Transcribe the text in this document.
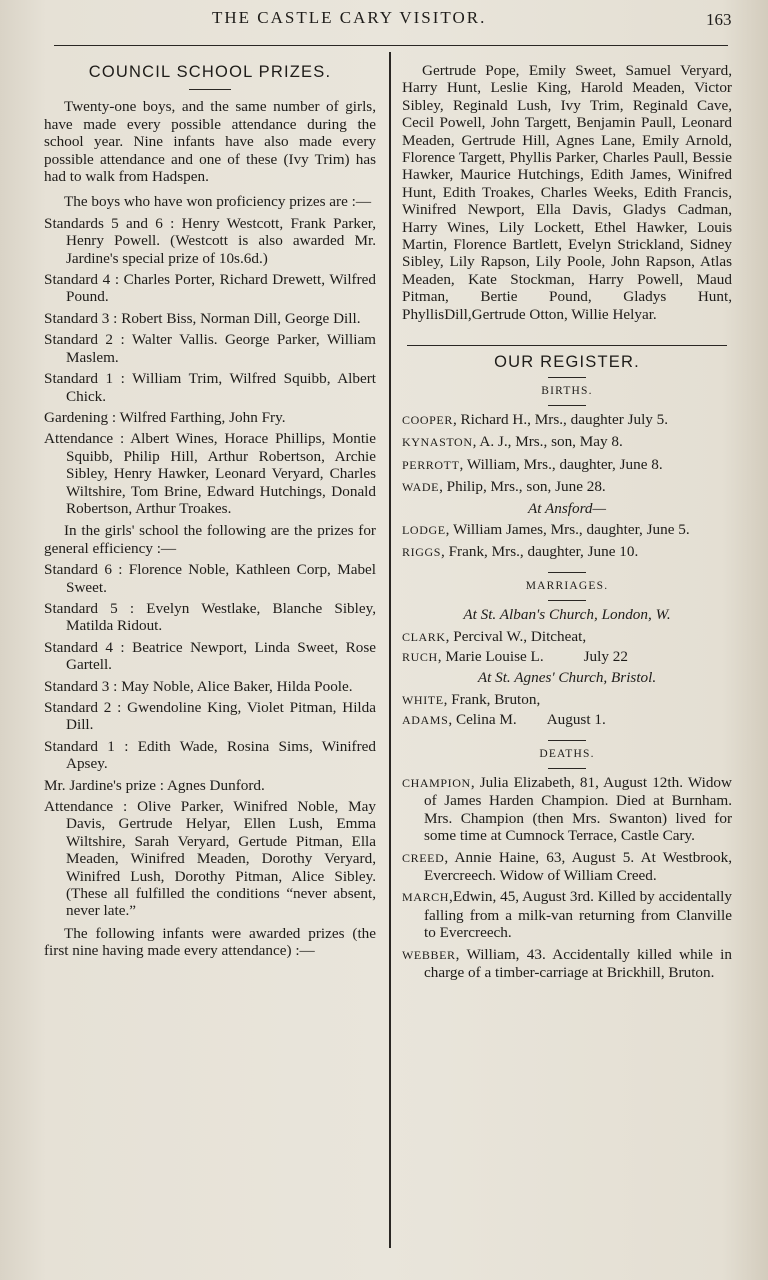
THE CASTLE CARY VISITOR.	163
COUNCIL SCHOOL PRIZES.

Twenty-one boys, and the same number of girls, have made every possible attendance during the school year. Nine infants have also made every possible attendance and one of these (Ivy Trim) has had to walk from Hadspen.

The boys who have won proficiency prizes are :—

Standards 5 and 6 : Henry Westcott, Frank Parker, Henry Powell. (Westcott is also awarded Mr. Jardine's special prize of 10s.6d.)

Standard 4 : Charles Porter, Richard Drewett, Wilfred Pound.

Standard 3 : Robert Biss, Norman Dill, George Dill.

Standard 2 : Walter Vallis. George Parker, William Maslem.

Standard 1 : William Trim, Wilfred Squibb, Albert Chick.

Gardening : Wilfred Farthing, John Fry.

Attendance : Albert Wines, Horace Phillips, Montie Squibb, Philip Hill, Arthur Robertson, Archie Sibley, Henry Hawker, Leonard Veryard, Charles Wiltshire, Tom Brine, Edward Hutchings, Donald Robertson, Arthur Troakes.

In the girls' school the following are the prizes for general efficiency :—

Standard 6 : Florence Noble, Kathleen Corp, Mabel Sweet.

Standard 5 : Evelyn Westlake, Blanche Sibley, Matilda Ridout.

Standard 4 : Beatrice Newport, Linda Sweet, Rose Gartell.

Standard 3 : May Noble, Alice Baker, Hilda Poole.

Standard 2 : Gwendoline King, Violet Pitman, Hilda Dill.

Standard 1 : Edith Wade, Rosina Sims, Winifred Apsey.

Mr. Jardine's prize : Agnes Dunford.

Attendance : Olive Parker, Winifred Noble, May Davis, Gertrude Helyar, Ellen Lush, Emma Wiltshire, Sarah Veryard, Gertude Pitman, Ella Meaden, Winifred Meaden, Dorothy Veryard, Winifred Lush, Dorothy Pitman, Alice Sibley. (These all fulfilled the conditions “never absent, never late.”

The following infants were awarded prizes (the first nine having made every attendance) :—

Gertrude Pope, Emily Sweet, Samuel Veryard, Harry Hunt, Leslie King, Harold Meaden, Victor Sibley, Reginald Lush, Ivy Trim, Reginald Cave, Cecil Powell, John Targett, Benjamin Paull, Leonard Meaden, Gertrude Hill, Agnes Lane, Emily Arnold, Florence Targett, Phyllis Parker, Charles Paull, Bessie Hawker, Maurice Hutchings, Edith James, Winifred Hunt, Edith Troakes, Charles Weeks, Edith Francis, Winifred Newport, Ella Davis, Gladys Cadman, Harry Wines, Lily Lockett, Ethel Hawker, Louis Martin, Florence Bartlett, Evelyn Strickland, Sidney Sibley, Lily Rapson, Lily Poole, John Rapson, Atlas Meaden, Kate Stockman, Harry Powell, Maud Pitman, Bertie Pound, Gladys Hunt, PhyllisDill,Gertrude Otton, Willie Helyar.

OUR REGISTER.

BIRTHS.

COOPER, Richard H., Mrs., daughter July 5.

KYNASTON, A. J., Mrs., son, May 8.

PERROTT, William, Mrs., daughter, June 8.

WADE, Philip, Mrs., son, June 28.

At Ansford—

LODGE, William James, Mrs., daughter, June 5.

RIGGS, Frank, Mrs., daughter, June 10.

MARRIAGES.

At St. Alban's Church, London, W.

CLARK, Percival W., Ditcheat,

RUCH, Marie Louise L.	July 22

At St. Agnes' Church, Bristol.

WHITE, Frank, Bruton,

ADAMS, Celina M. August 1.

DEATHS.

CHAMPION, Julia Elizabeth, 81, August 12th. Widow of James Harden Champion. Died at Burnham. Mrs. Champion (then Mrs. Swanton) lived for some time at Cumnock Terrace, Castle Cary.

CREED, Annie Haine, 63, August 5. At Westbrook, Evercreech. Widow of William Creed.

MARCH,Edwin, 45, August 3rd. Killed by accidentally falling from a milk-van returning from Clanville to Evercreech.

WEBBER, William, 43. Accidentally killed while in charge of a timber-carriage at Brickhill, Bruton.
